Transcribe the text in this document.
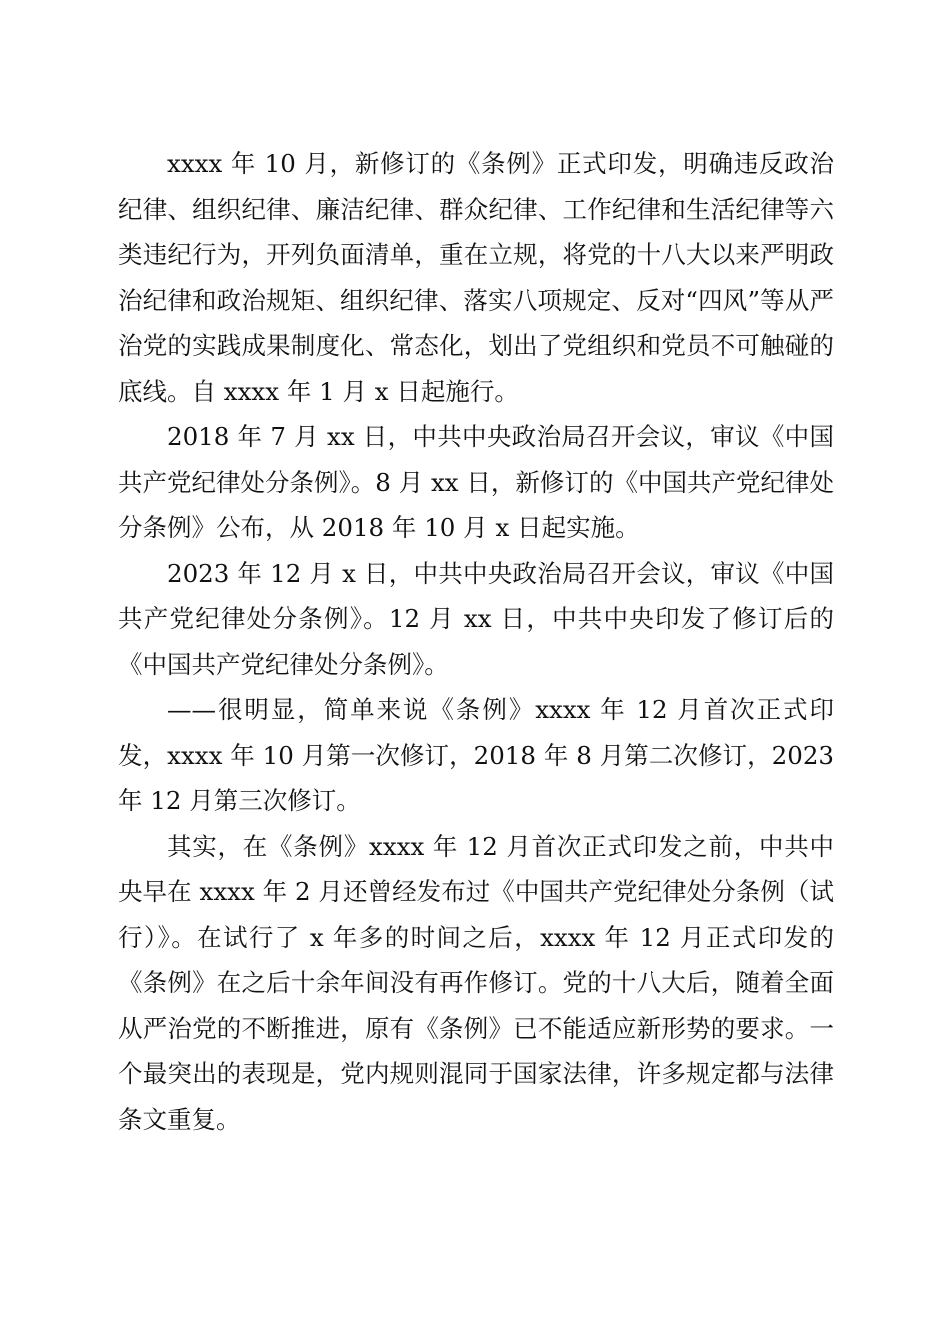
xxxx 年 10 月，新修订的《条例》正式印发，明确违反政治纪律、组织纪律、廉洁纪律、群众纪律、工作纪律和生活纪律等六类违纪行为，开列负面清单，重在立规，将党的十八大以来严明政治纪律和政治规矩、组织纪律、落实八项规定、反对“四风”等从严治党的实践成果制度化、常态化，划出了党组织和党员不可触碰的底线。自 xxxx 年 1 月 x 日起施行。

2018 年 7 月 xx 日，中共中央政治局召开会议，审议《中国共产党纪律处分条例》。8 月 xx 日，新修订的《中国共产党纪律处分条例》公布，从 2018 年 10 月 x 日起实施。

2023 年 12 月 x 日，中共中央政治局召开会议，审议《中国共产党纪律处分条例》。12 月 xx 日，中共中央印发了修订后的《中国共产党纪律处分条例》。

——很明显，简单来说《条例》xxxx 年 12 月首次正式印发，xxxx 年 10 月第一次修订，2018 年 8 月第二次修订，2023 年 12 月第三次修订。

其实，在《条例》xxxx 年 12 月首次正式印发之前，中共中央早在 xxxx 年 2 月还曾经发布过《中国共产党纪律处分条例（试行）》。在试行了 x 年多的时间之后，xxxx 年 12 月正式印发的《条例》在之后十余年间没有再作修订。党的十八大后，随着全面从严治党的不断推进，原有《条例》已不能适应新形势的要求。一个最突出的表现是，党内规则混同于国家法律，许多规定都与法律条文重复。
